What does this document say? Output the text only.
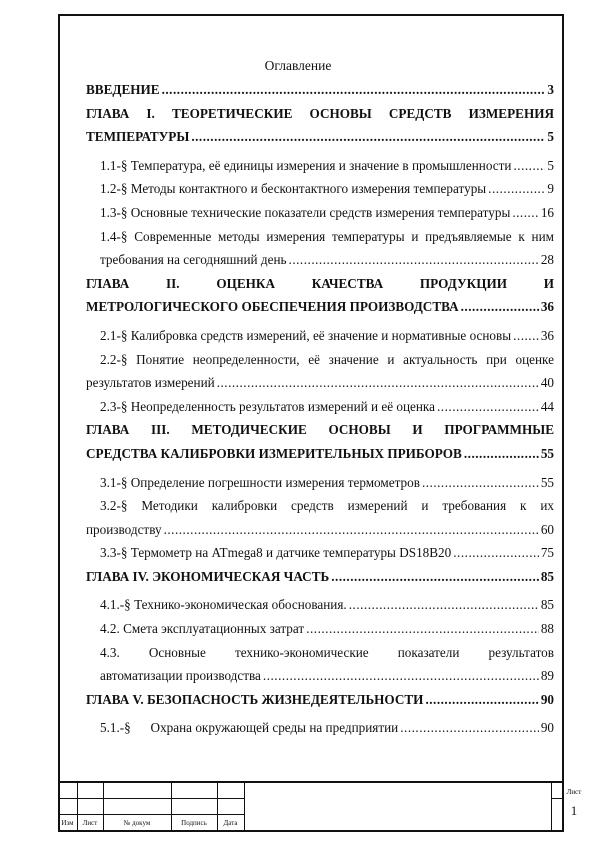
Оглавление
ВВЕДЕНИЕ .....	3
ГЛАВА I. ТЕОРЕТИЧЕСКИЕ ОСНОВЫ СРЕДСТВ ИЗМЕРЕНИЯ
ТЕМПЕРАТУРЫ .....	5
1.1-§ Температура, её единицы измерения и значение в промышленности .....	5
1.2-§ Методы контактного и бесконтактного измерения температуры .....	9
1.3-§ Основные технические показатели средств измерения температуры ..... 16
1.4-§ Современные методы измерения температуры и предъявляемые к ним
требования на сегодняшний день .....	28
ГЛАВА II. ОЦЕНКА КАЧЕСТВА ПРОДУКЦИИ И
МЕТРОЛОГИЧЕСКОГО ОБЕСПЕЧЕНИЯ ПРОИЗВОДСТВА .....	36
2.1-§ Калибровка средств измерений, её значение и нормативные основы ..... 36
2.2-§ Понятие неопределенности, её значение и актуальность при оценке
результатов измерений .....	40
2.3-§ Неопределенность результатов измерений и её оценка .....	44
ГЛАВА III. МЕТОДИЧЕСКИЕ ОСНОВЫ И ПРОГРАММНЫЕ
СРЕДСТВА КАЛИБРОВКИ ИЗМЕРИТЕЛЬНЫХ ПРИБОРОВ .....	55
3.1-§ Определение погрешности измерения термометров .....	55
3.2-§ Методики калибровки средств измерений и требования к их
производству .....	60
3.3-§ Термометр на ATmega8 и датчике температуры DS18B20 .....	75
ГЛАВА IV. ЭКОНОМИЧЕСКАЯ ЧАСТЬ .....	85
4.1.-§ Технико-экономическая обоснования. .....	85
4.2. Смета эксплуатационных затрат .....	88
4.3. Основные технико-экономические показатели результатов
автоматизации производства .....	89
ГЛАВА V. БЕЗОПАСНОСТЬ ЖИЗНЕДЕЯТЕЛЬНОСТИ .....	90
5.1.-§      Охрана окружающей среды на предприятии .....	90
Изм	Лист	№ докум	Подпись	Дата
Лист
1
